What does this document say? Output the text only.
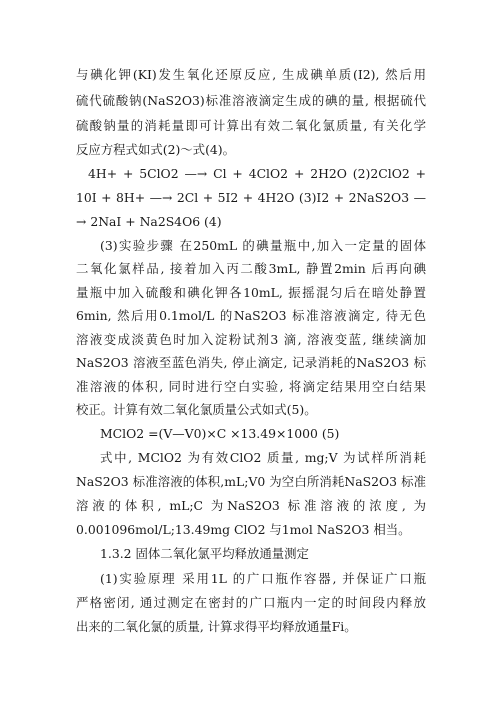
与碘化钾(KI)发生氧化还原反应, 生成碘单质(I2), 然后用
硫代硫酸钠(NaS2O3)标准溶液滴定生成的碘的量, 根据硫代
硫酸钠量的消耗量即可计算出有效二氧化氯质量, 有关化学
反应方程式如式(2)～式(4)。
4H+ + 5ClO2 —→ Cl + 4ClO2 + 2H2O (2)2ClO2 +
10I + 8H+ —→ 2Cl + 5I2 + 4H2O (3)I2 + 2NaS2O3 —
→ 2NaI + Na2S4O6 (4)
(3)实验步骤 在250mL 的碘量瓶中,加入一定量的固体
二氧化氯样品, 接着加入丙二酸3mL, 静置2min 后再向碘
量瓶中加入硫酸和碘化钾各10mL, 振摇混匀后在暗处静置
6min, 然后用0.1mol/L 的NaS2O3 标准溶液滴定, 待无色
溶液变成淡黄色时加入淀粉试剂3 滴, 溶液变蓝, 继续滴加
NaS2O3 溶液至蓝色消失, 停止滴定, 记录消耗的NaS2O3 标
准溶液的体积, 同时进行空白实验, 将滴定结果用空白结果
校正。计算有效二氧化氯质量公式如式(5)。
MClO2 =(V—V0)×C ×13.49×1000 (5)
式中, MClO2 为有效ClO2 质量, mg;V 为试样所消耗
NaS2O3 标准溶液的体积,mL;V0 为空白所消耗NaS2O3 标准
溶液的体积, mL;C 为NaS2O3 标准溶液的浓度, 为
0.001096mol/L;13.49mg ClO2 与1mol NaS2O3 相当。
1.3.2 固体二氧化氯平均释放通量测定
(1)实验原理 采用1L 的广口瓶作容器, 并保证广口瓶
严格密闭, 通过测定在密封的广口瓶内一定的时间段内释放
出来的二氧化氯的质量, 计算求得平均释放通量Fi。
